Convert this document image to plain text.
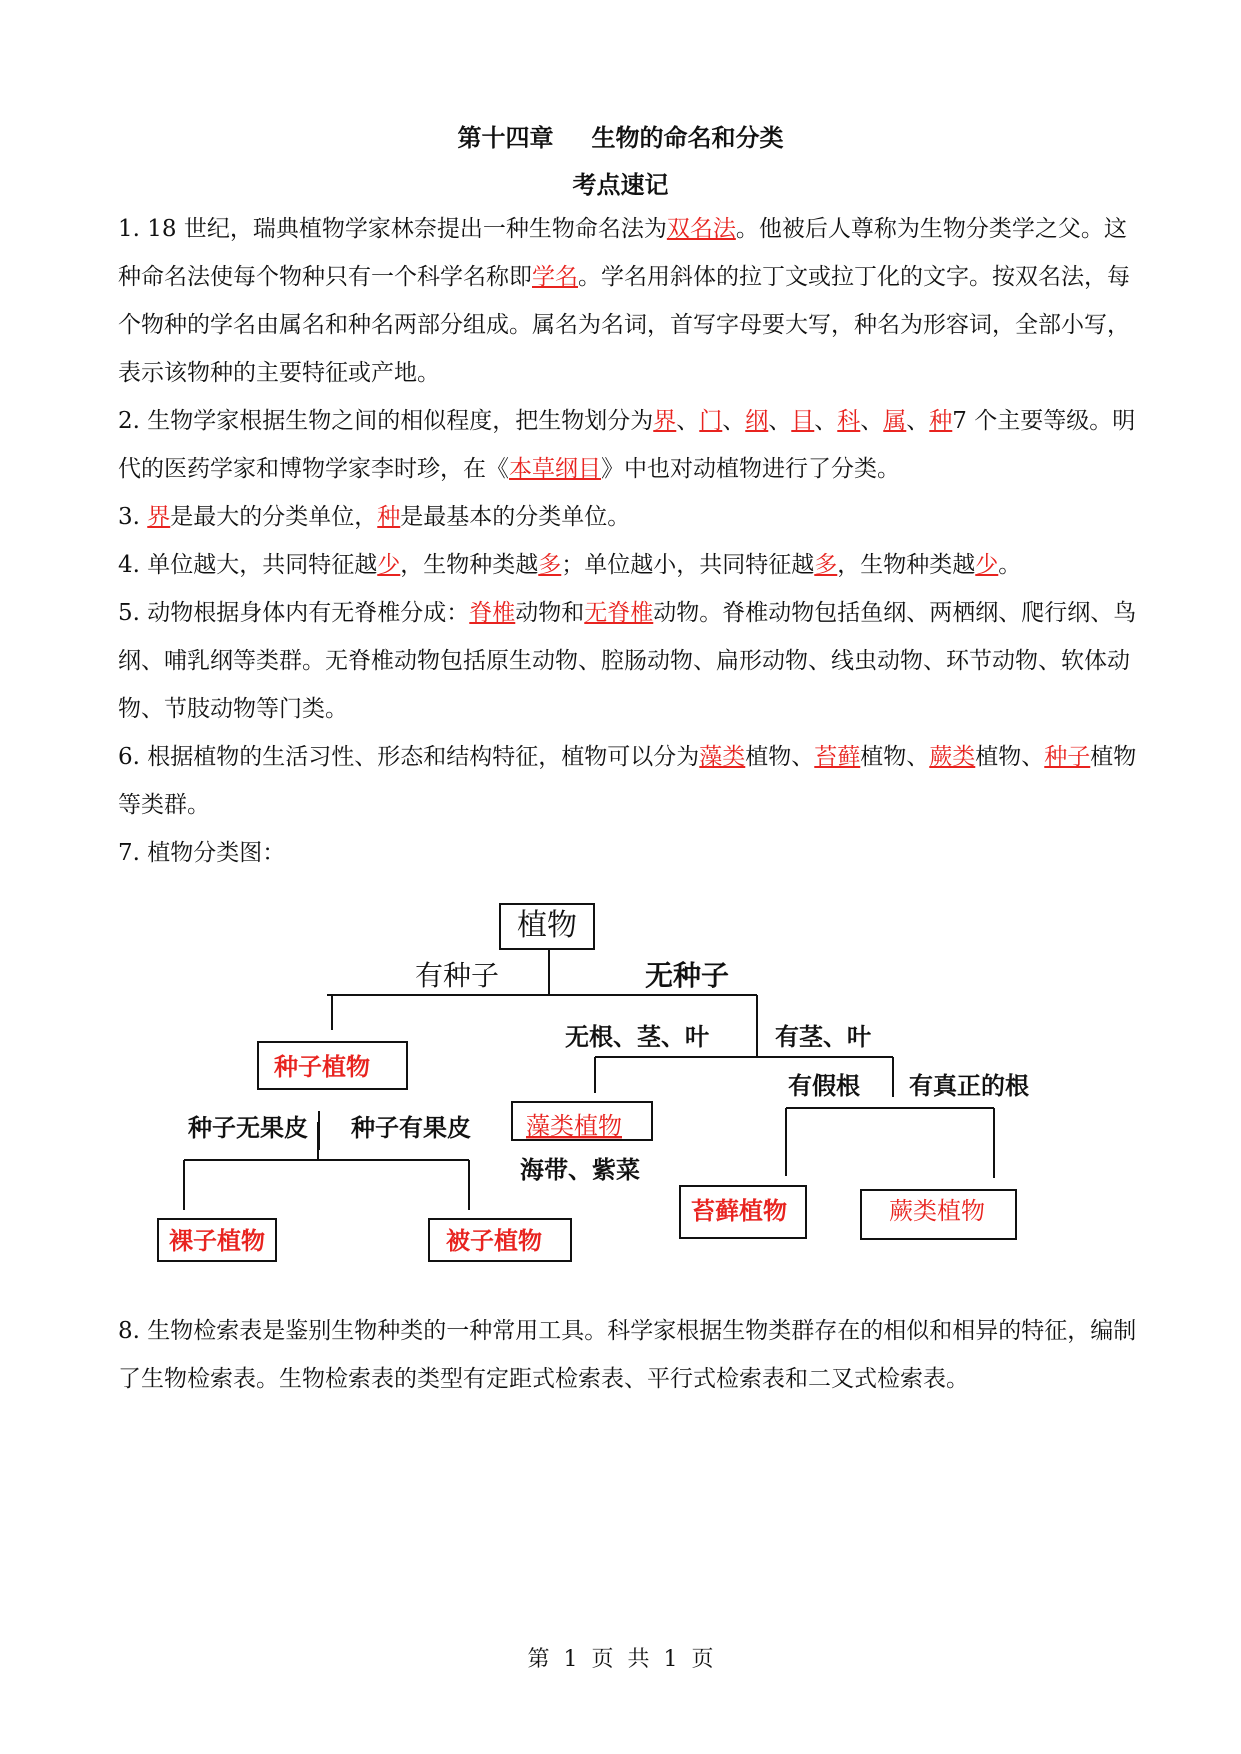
第十四章 生物的命名和分类
考点速记
1. 18 世纪，瑞典植物学家林奈提出一种生物命名法为双名法。他被后人尊称为生物分类学之父。这种命名法使每个物种只有一个科学名称即学名。学名用斜体的拉丁文或拉丁化的文字。按双名法，每个物种的学名由属名和种名两部分组成。属名为名词，首写字母要大写，种名为形容词，全部小写，表示该物种的主要特征或产地。
2. 生物学家根据生物之间的相似程度，把生物划分为界、门、纲、目、科、属、种7 个主要等级。明代的医药学家和博物学家李时珍，在《本草纲目》中也对动植物进行了分类。
3. 界是最大的分类单位，种是最基本的分类单位。
4. 单位越大，共同特征越少，生物种类越多；单位越小，共同特征越多，生物种类越少。
5. 动物根据身体内有无脊椎分成：脊椎动物和无脊椎动物。脊椎动物包括鱼纲、两栖纲、爬行纲、鸟纲、哺乳纲等类群。无脊椎动物包括原生动物、腔肠动物、扁形动物、线虫动物、环节动物、软体动物、节肢动物等门类。
6. 根据植物的生活习性、形态和结构特征，植物可以分为藻类植物、苔藓植物、蕨类植物、种子植物等类群。
7. 植物分类图：
植物
有种子	无种子
种子植物
无根、茎、叶	有茎、叶
种子无果皮 种子有果皮 藻类植物
海带、紫菜
有假根 有真正的根
裸子植物	被子植物
苔藓植物	蕨类植物
8. 生物检索表是鉴别生物种类的一种常用工具。科学家根据生物类群存在的相似和相异的特征，编制了生物检索表。生物检索表的类型有定距式检索表、平行式检索表和二叉式检索表。
第  1  页  共  1  页
